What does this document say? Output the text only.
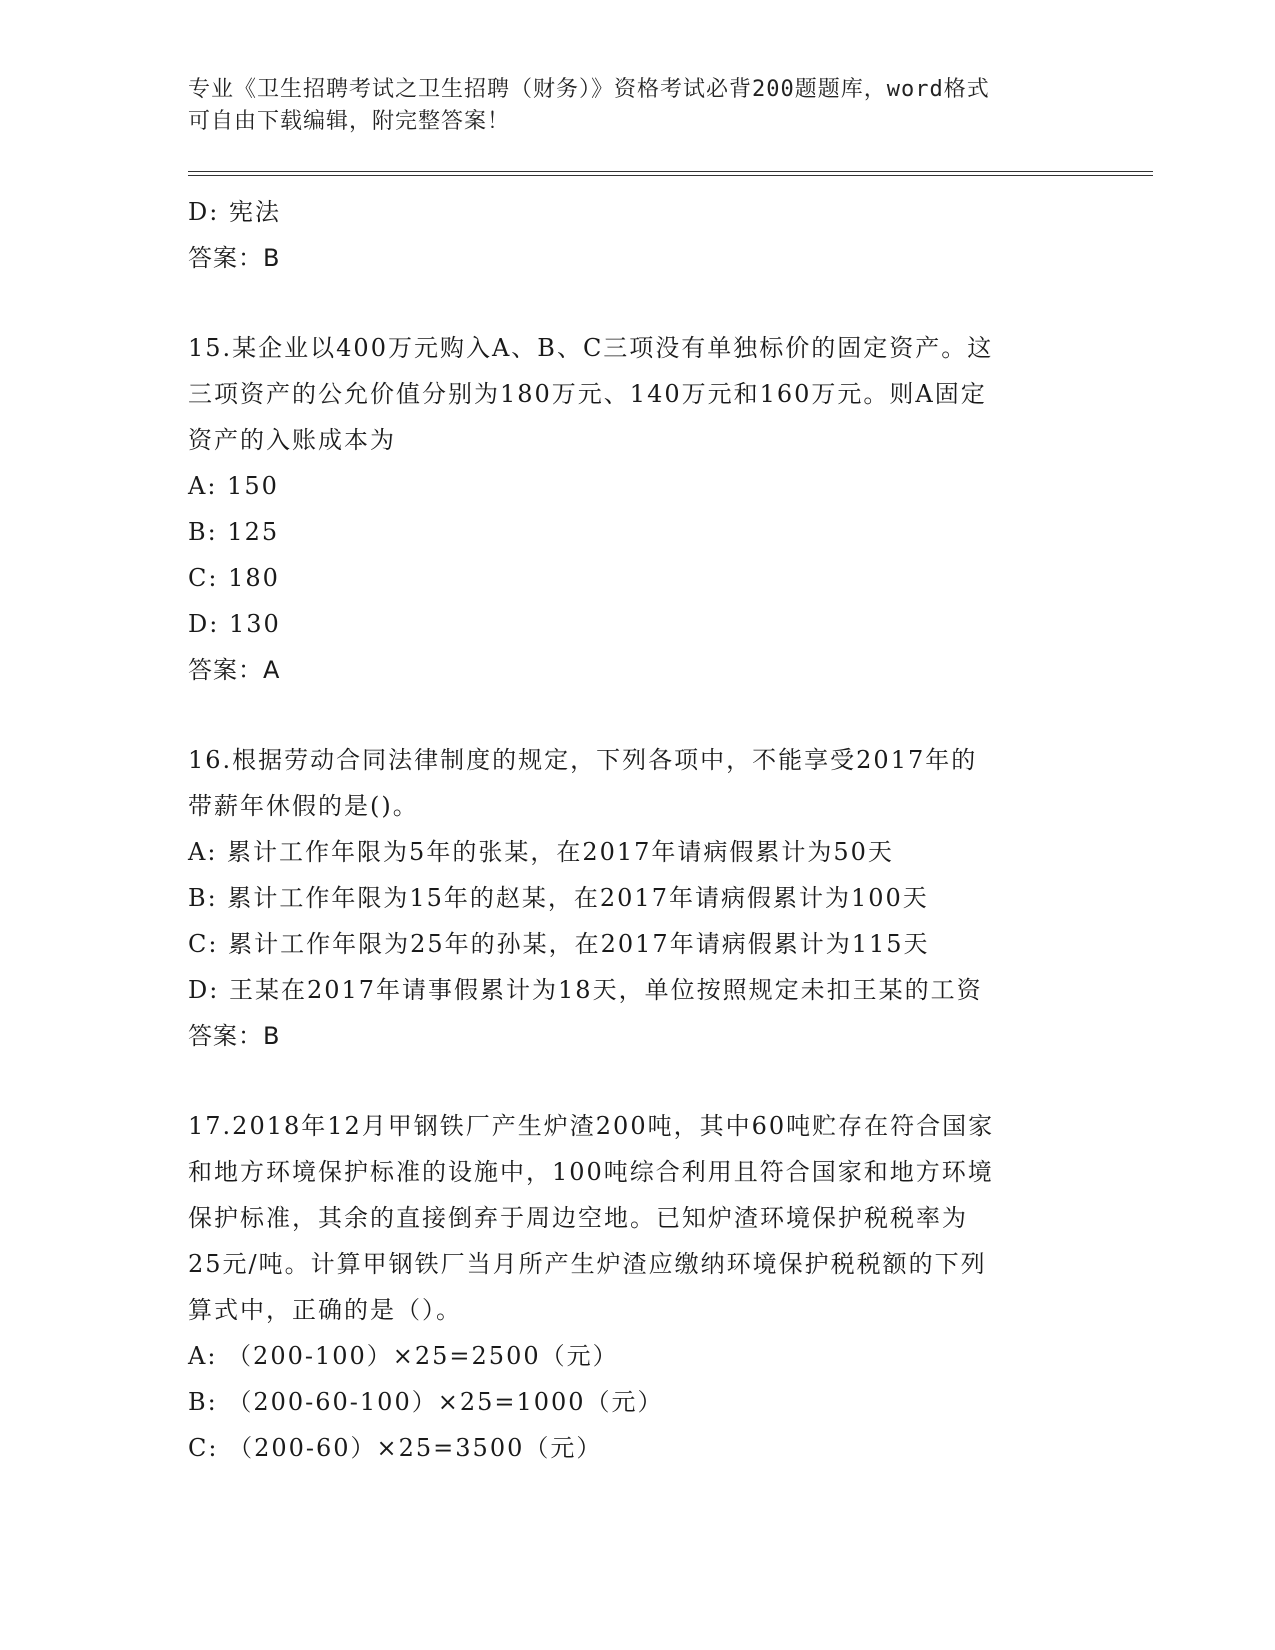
专业《卫生招聘考试之卫生招聘（财务）》资格考试必背200题题库，word格式
可自由下载编辑，附完整答案！
D: 宪法
答案：B
15.某企业以400万元购入A、B、C三项没有单独标价的固定资产。这
三项资产的公允价值分别为180万元、140万元和160万元。则A固定
资产的入账成本为
A: 150
B: 125
C: 180
D: 130
答案：A
16.根据劳动合同法律制度的规定，下列各项中，不能享受2017年的
带薪年休假的是()。
A: 累计工作年限为5年的张某，在2017年请病假累计为50天
B: 累计工作年限为15年的赵某，在2017年请病假累计为100天
C: 累计工作年限为25年的孙某，在2017年请病假累计为115天
D: 王某在2017年请事假累计为18天，单位按照规定未扣王某的工资
答案：B
17.2018年12月甲钢铁厂产生炉渣200吨，其中60吨贮存在符合国家
和地方环境保护标准的设施中，100吨综合利用且符合国家和地方环境
保护标准，其余的直接倒弃于周边空地。已知炉渣环境保护税税率为
25元/吨。计算甲钢铁厂当月所产生炉渣应缴纳环境保护税税额的下列
算式中，正确的是（）。
A: （200-100）×25=2500（元）
B: （200-60-100）×25=1000（元）
C: （200-60）×25=3500（元）
